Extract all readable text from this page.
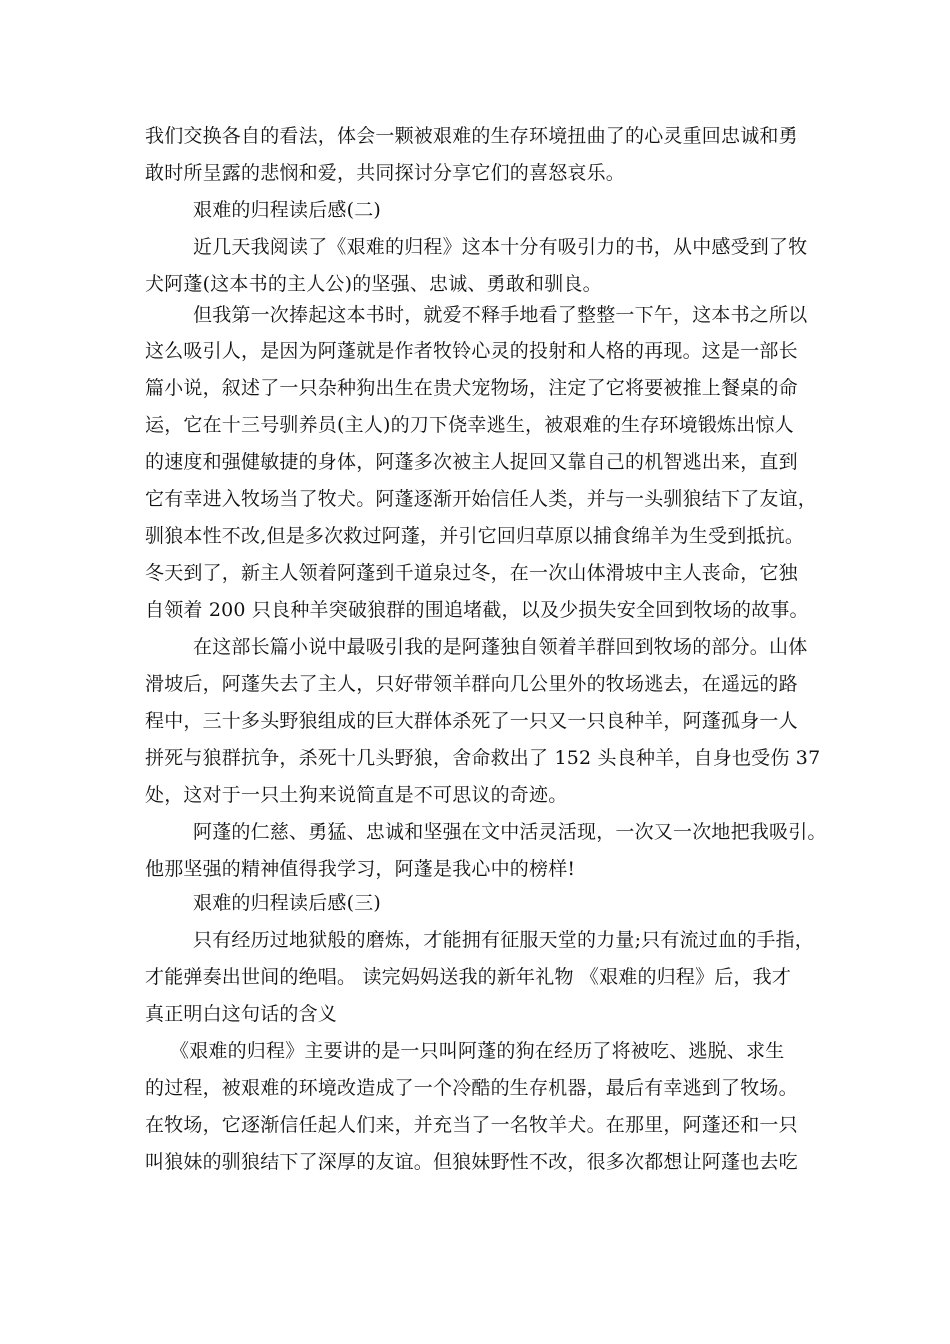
我们交换各自的看法，体会一颗被艰难的生存环境扭曲了的心灵重回忠诚和勇
敢时所呈露的悲悯和爱，共同探讨分享它们的喜怒哀乐。
艰难的归程读后感(二)
近几天我阅读了《艰难的归程》这本十分有吸引力的书，从中感受到了牧
犬阿蓬(这本书的主人公)的坚强、忠诚、勇敢和驯良。
但我第一次捧起这本书时，就爱不释手地看了整整一下午，这本书之所以
这么吸引人，是因为阿蓬就是作者牧铃心灵的投射和人格的再现。这是一部长
篇小说，叙述了一只杂种狗出生在贵犬宠物场，注定了它将要被推上餐桌的命
运，它在十三号驯养员(主人)的刀下侥幸逃生，被艰难的生存环境锻炼出惊人
的速度和强健敏捷的身体，阿蓬多次被主人捉回又靠自己的机智逃出来，直到
它有幸进入牧场当了牧犬。阿蓬逐渐开始信任人类，并与一头驯狼结下了友谊，
驯狼本性不改,但是多次救过阿蓬，并引它回归草原以捕食绵羊为生受到抵抗。
冬天到了，新主人领着阿蓬到千道泉过冬，在一次山体滑坡中主人丧命，它独
自领着 200 只良种羊突破狼群的围追堵截，以及少损失安全回到牧场的故事。
在这部长篇小说中最吸引我的是阿蓬独自领着羊群回到牧场的部分。山体
滑坡后，阿蓬失去了主人，只好带领羊群向几公里外的牧场逃去，在遥远的路
程中，三十多头野狼组成的巨大群体杀死了一只又一只良种羊，阿蓬孤身一人
拼死与狼群抗争，杀死十几头野狼，舍命救出了 152 头良种羊，自身也受伤 37
处，这对于一只土狗来说简直是不可思议的奇迹。
阿蓬的仁慈、勇猛、忠诚和坚强在文中活灵活现，一次又一次地把我吸引。
他那坚强的精神值得我学习，阿蓬是我心中的榜样!
艰难的归程读后感(三)
只有经历过地狱般的磨炼，才能拥有征服天堂的力量;只有流过血的手指，
才能弹奏出世间的绝唱。 读完妈妈送我的新年礼物 《艰难的归程》后，我才
真正明白这句话的含义
《艰难的归程》主要讲的是一只叫阿蓬的狗在经历了将被吃、逃脱、求生
的过程，被艰难的环境改造成了一个冷酷的生存机器，最后有幸逃到了牧场。
在牧场，它逐渐信任起人们来，并充当了一名牧羊犬。在那里，阿蓬还和一只
叫狼妹的驯狼结下了深厚的友谊。但狼妹野性不改，很多次都想让阿蓬也去吃
